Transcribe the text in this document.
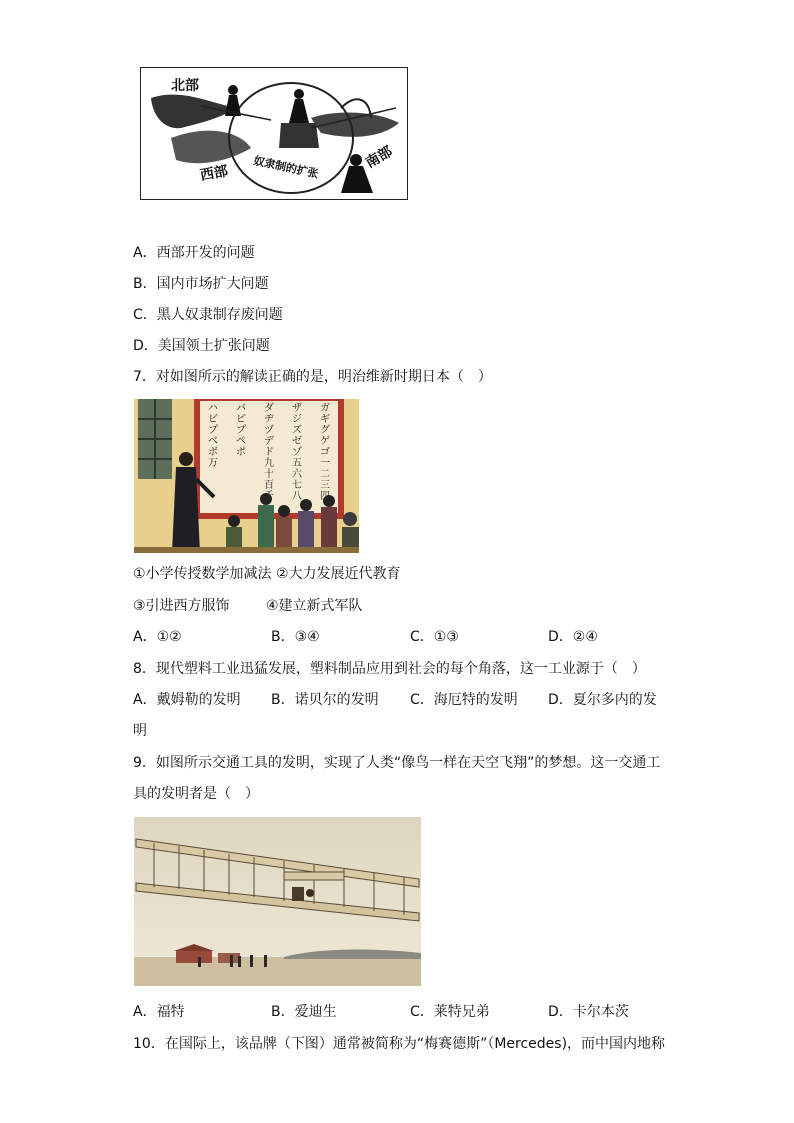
北部
西部
南部
奴隶制的扩张
A．西部开发的问题
B．国内市场扩大问题
C．黑人奴隶制存废问题
D．美国领土扩张问题
7．对如图所示的解读正确的是，明治维新时期日本（　）
ハ
ビ
プ
ベ
ボ
万
パ
ピ
プ
ペ
ポ
ダ
ヂ
ヅ
デ
ド
九
十
百
千
ザ
ジ
ズ
ゼ
ゾ
五
六
七
八
ガ
ギ
グ
ゲ
ゴ
一
二
三
四
①小学传授数学加减法 ②大力发展近代教育
③引进西方服饰	④建立新式军队
A．①②	B．③④	C．①③	D．②④
8．现代塑料工业迅猛发展，塑料制品应用到社会的每个角落，这一工业源于（　）
A．戴姆勒的发明 B．诺贝尔的发明 C．海厄特的发明 D．夏尔多内的发
明
9．如图所示交通工具的发明，实现了人类“像鸟一样在天空飞翔”的梦想。这一交通工
具的发明者是（　）
A．福特	B．爱迪生	C．莱特兄弟	D．卡尔本茨
10．在国际上，该品牌（下图）通常被简称为“梅赛德斯”（Mercedes)，而中国内地称
